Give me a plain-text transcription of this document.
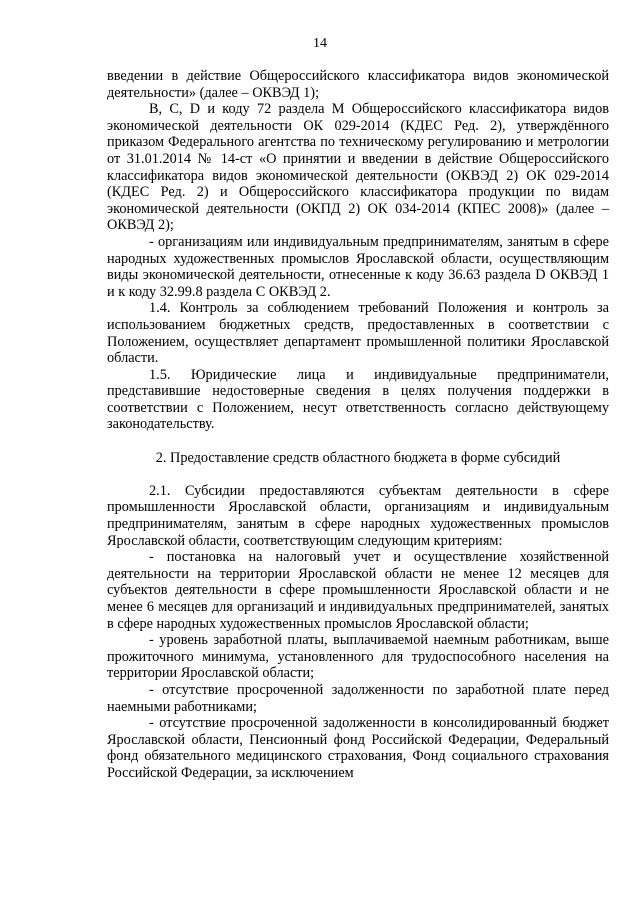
14

введении в действие Общероссийского классификатора видов экономической деятельности» (далее – ОКВЭД 1);

B, C, D и коду 72 раздела М Общероссийского классификатора видов экономической деятельности ОК 029-2014 (КДЕС Ред. 2), утверждённого приказом Федерального агентства по техническому регулированию и метрологии от 31.01.2014 № 14-ст «О принятии и введении в действие Общероссийского классификатора видов экономической деятельности (ОКВЭД 2) ОК 029-2014 (КДЕС Ред. 2) и Общероссийского классификатора продукции по видам экономической деятельности (ОКПД 2) ОК 034-2014 (КПЕС 2008)» (далее – ОКВЭД 2);

- организациям или индивидуальным предпринимателям, занятым в сфере народных художественных промыслов Ярославской области, осуществляющим виды экономической деятельности, отнесенные к коду 36.63 раздела D ОКВЭД 1 и к коду 32.99.8 раздела С ОКВЭД 2.

1.4. Контроль за соблюдением требований Положения и контроль за использованием бюджетных средств, предоставленных в соответствии с Положением, осуществляет департамент промышленной политики Ярославской области.

1.5. Юридические лица и индивидуальные предприниматели, представившие недостоверные сведения в целях получения поддержки в соответствии с Положением, несут ответственность согласно действующему законодательству.

2. Предоставление средств областного бюджета в форме субсидий

2.1. Субсидии предоставляются субъектам деятельности в сфере промышленности Ярославской области, организациям и индивидуальным предпринимателям, занятым в сфере народных художественных промыслов Ярославской области, соответствующим следующим критериям:

- постановка на налоговый учет и осуществление хозяйственной деятельности на территории Ярославской области не менее 12 месяцев для субъектов деятельности в сфере промышленности Ярославской области и не менее 6 месяцев для организаций и индивидуальных предпринимателей, занятых в сфере народных художественных промыслов Ярославской области;

- уровень заработной платы, выплачиваемой наемным работникам, выше прожиточного минимума, установленного для трудоспособного населения на территории Ярославской области;

- отсутствие просроченной задолженности по заработной плате перед наемными работниками;

- отсутствие просроченной задолженности в консолидированный бюджет Ярославской области, Пенсионный фонд Российской Федерации, Федеральный фонд обязательного медицинского страхования, Фонд социального страхования Российской Федерации, за исключением
